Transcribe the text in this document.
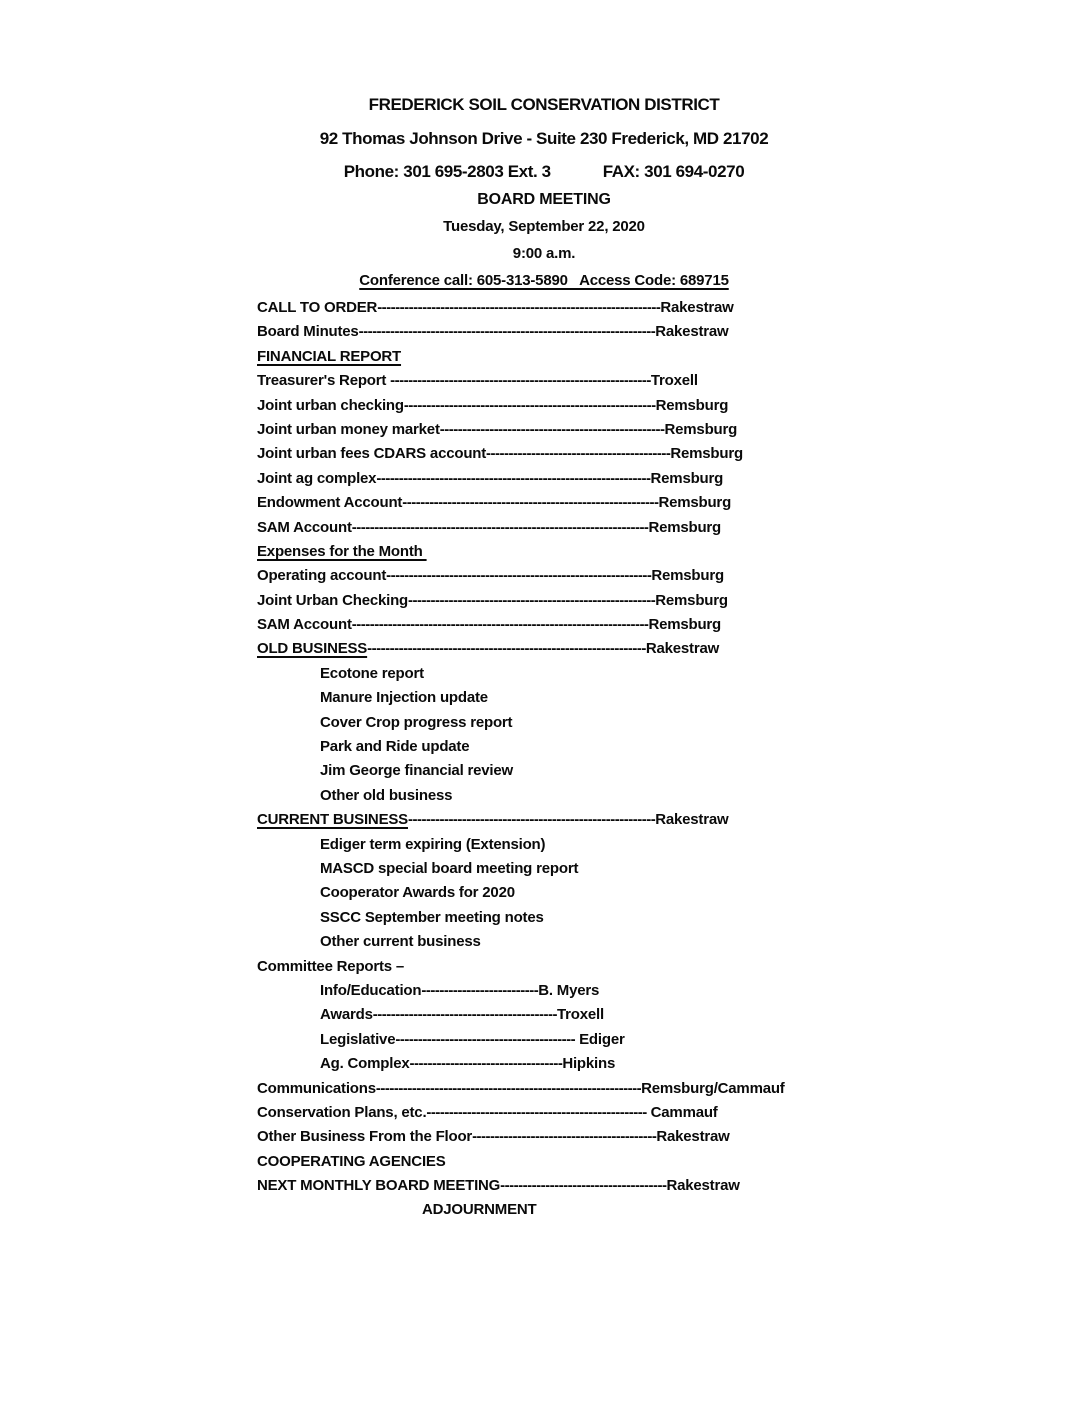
FREDERICK SOIL CONSERVATION DISTRICT
92 Thomas Johnson Drive - Suite 230 Frederick, MD 21702
Phone: 301 695-2803 Ext. 3	FAX: 301 694-0270
BOARD MEETING
Tuesday, September 22, 2020
9:00 a.m.
Conference call: 605-313-5890   Access Code: 689715
CALL TO ORDER---------------------------------------------------------------Rakestraw
Board Minutes------------------------------------------------------------------Rakestraw
FINANCIAL REPORT
Treasurer's Report ----------------------------------------------------------Troxell
Joint urban checking--------------------------------------------------------Remsburg
Joint urban money market--------------------------------------------------Remsburg
Joint urban fees CDARS account-----------------------------------------Remsburg
Joint ag complex-------------------------------------------------------------Remsburg
Endowment Account---------------------------------------------------------Remsburg
SAM Account------------------------------------------------------------------Remsburg
Expenses for the Month
Operating account-----------------------------------------------------------Remsburg
Joint Urban Checking-------------------------------------------------------Remsburg
SAM Account------------------------------------------------------------------Remsburg
OLD BUSINESS--------------------------------------------------------------Rakestraw
Ecotone report
Manure Injection update
Cover Crop progress report
Park and Ride update
Jim George financial review
Other old business
CURRENT BUSINESS-------------------------------------------------------Rakestraw
Ediger term expiring (Extension)
MASCD special board meeting report
Cooperator Awards for 2020
SSCC September meeting notes
Other current business
Committee Reports –
Info/Education--------------------------B. Myers
Awards-----------------------------------------Troxell
Legislative---------------------------------------- Ediger
Ag. Complex----------------------------------Hipkins
Communications-----------------------------------------------------------Remsburg/Cammauf
Conservation Plans, etc.------------------------------------------------- Cammauf
Other Business From the Floor-----------------------------------------Rakestraw
COOPERATING AGENCIES
NEXT MONTHLY BOARD MEETING-------------------------------------Rakestraw
ADJOURNMENT
